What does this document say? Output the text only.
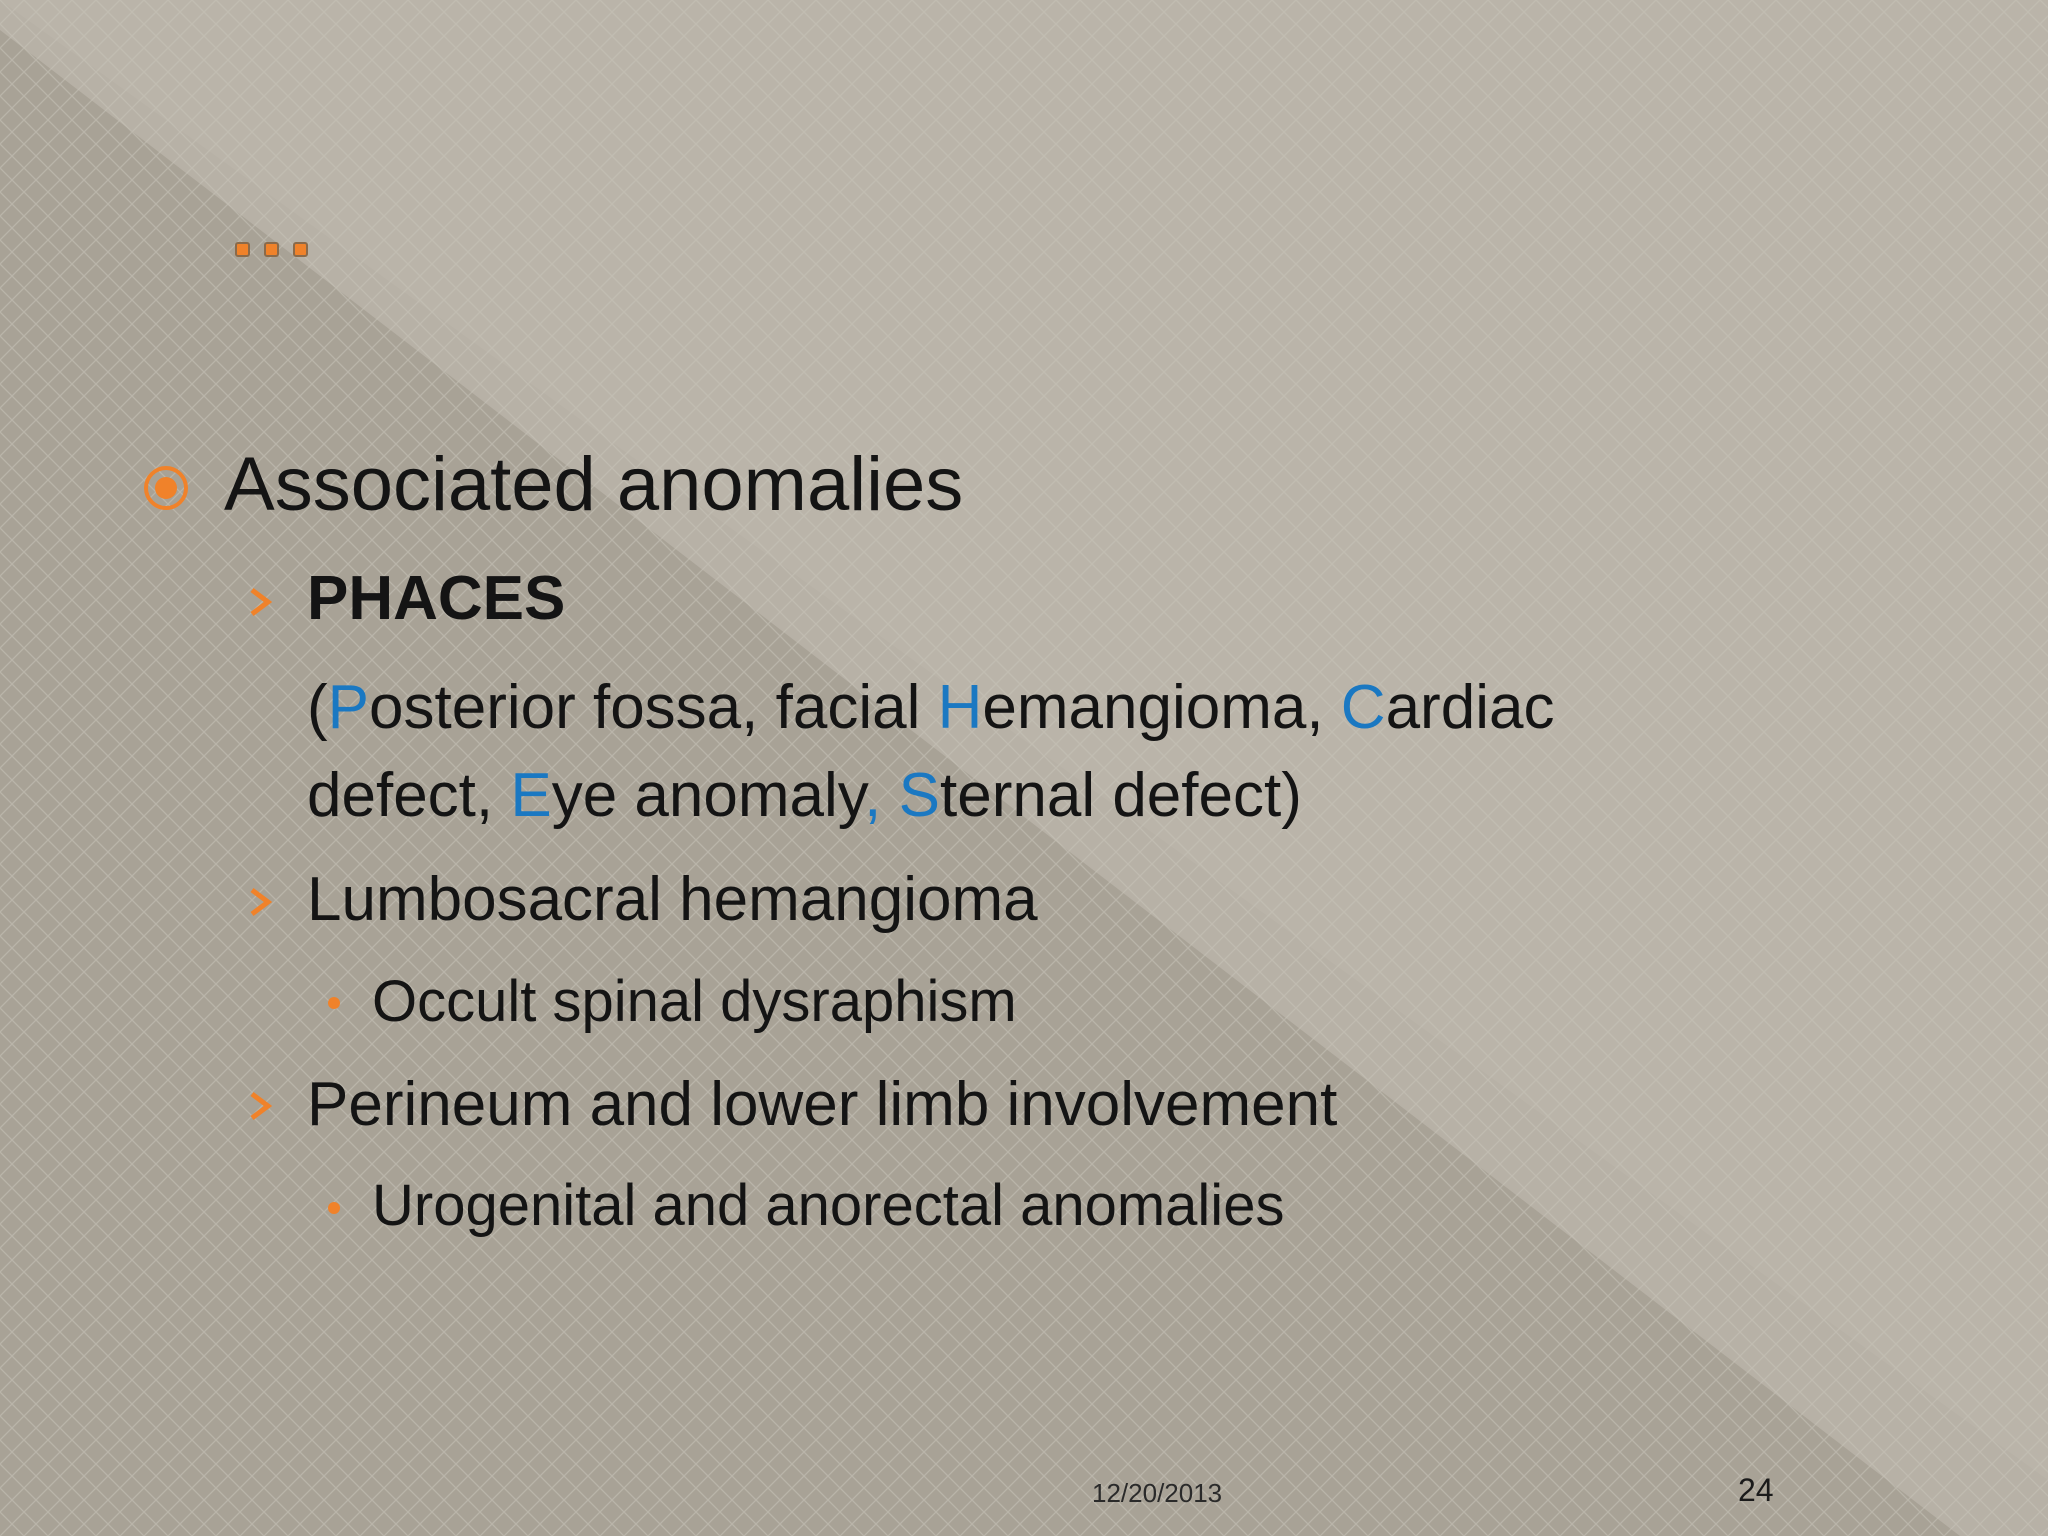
Associated anomalies
PHACES
(Posterior fossa, facial Hemangioma, Cardiac
defect, Eye anomaly, Sternal defect)
Lumbosacral hemangioma
Occult spinal dysraphism
Perineum and lower limb involvement
Urogenital and anorectal anomalies
12/20/2013	24
